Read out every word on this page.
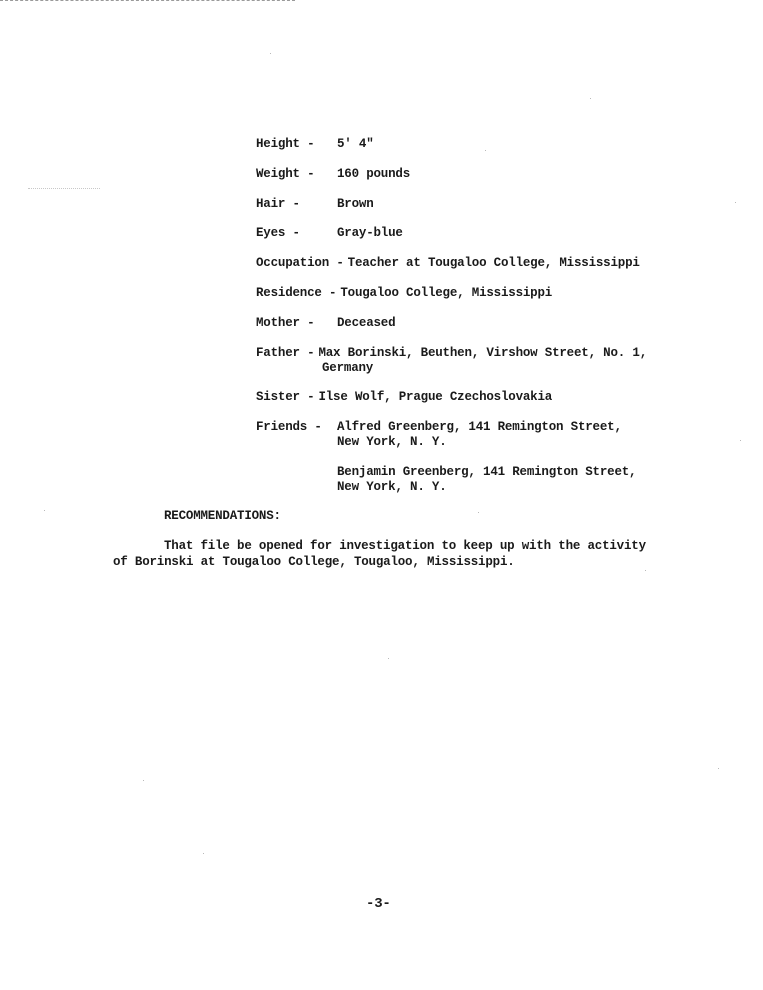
Height -	5' 4"
Weight -	160 pounds
Hair -	Brown
Eyes -	Gray-blue
Occupation - Teacher at Tougaloo College, Mississippi
Residence - Tougaloo College, Mississippi
Mother -	Deceased
Father - Max Borinski, Beuthen, Virshow Street, No. 1,
Germany
Sister - Ilse Wolf, Prague Czechoslovakia
Friends -	Alfred Greenberg, 141 Remington Street,
New York, N. Y.
Benjamin Greenberg, 141 Remington Street,
New York, N. Y.
RECOMMENDATIONS:
That file be opened for investigation to keep up with the activity
of Borinski at Tougaloo College, Tougaloo, Mississippi.
-3-
